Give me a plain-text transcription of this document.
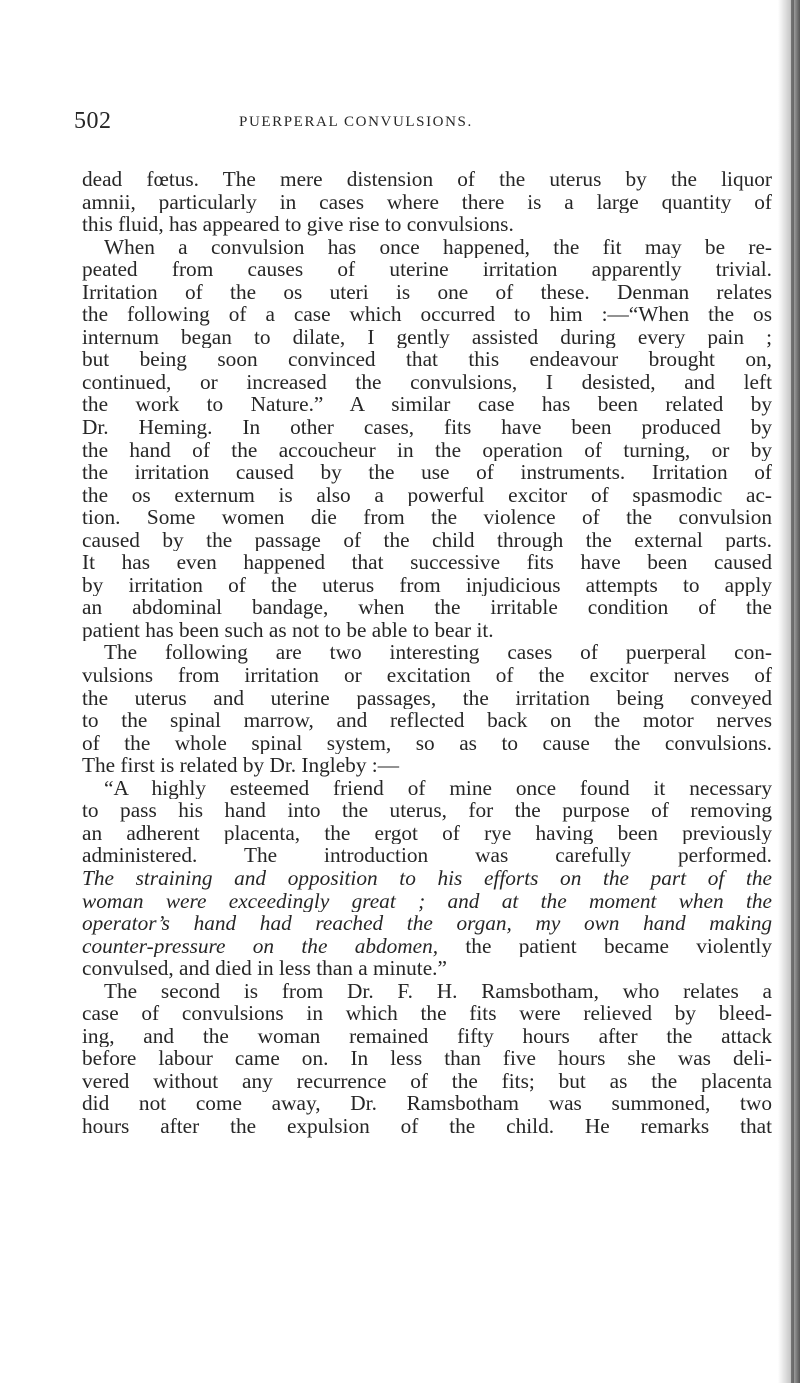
502	PUERPERAL CONVULSIONS.
dead fœtus. The mere distension of the uterus by the liquor
amnii, particularly in cases where there is a large quantity of
this fluid, has appeared to give rise to convulsions.
When a convulsion has once happened, the fit may be re-
peated from causes of uterine irritation apparently trivial.
Irritation of the os uteri is one of these. Denman relates
the following of a case which occurred to him :—“When the os
internum began to dilate, I gently assisted during every pain ;
but being soon convinced that this endeavour brought on,
continued, or increased the convulsions, I desisted, and left
the work to Nature.” A similar case has been related by
Dr. Heming. In other cases, fits have been produced by
the hand of the accoucheur in the operation of turning, or by
the irritation caused by the use of instruments. Irritation of
the os externum is also a powerful excitor of spasmodic ac-
tion. Some women die from the violence of the convulsion
caused by the passage of the child through the external parts.
It has even happened that successive fits have been caused
by irritation of the uterus from injudicious attempts to apply
an abdominal bandage, when the irritable condition of the
patient has been such as not to be able to bear it.
The following are two interesting cases of puerperal con-
vulsions from irritation or excitation of the excitor nerves of
the uterus and uterine passages, the irritation being conveyed
to the spinal marrow, and reflected back on the motor nerves
of the whole spinal system, so as to cause the convulsions.
The first is related by Dr. Ingleby :—
“A highly esteemed friend of mine once found it necessary
to pass his hand into the uterus, for the purpose of removing
an adherent placenta, the ergot of rye having been previously
administered. The introduction was carefully performed.
The straining and opposition to his efforts on the part of the
woman were exceedingly great ; and at the moment when the
operator’s hand had reached the organ, my own hand making
counter-pressure on the abdomen, the patient became violently
convulsed, and died in less than a minute.”
The second is from Dr. F. H. Ramsbotham, who relates a
case of convulsions in which the fits were relieved by bleed-
ing, and the woman remained fifty hours after the attack
before labour came on. In less than five hours she was deli-
vered without any recurrence of the fits; but as the placenta
did not come away, Dr. Ramsbotham was summoned, two
hours after the expulsion of the child. He remarks that
